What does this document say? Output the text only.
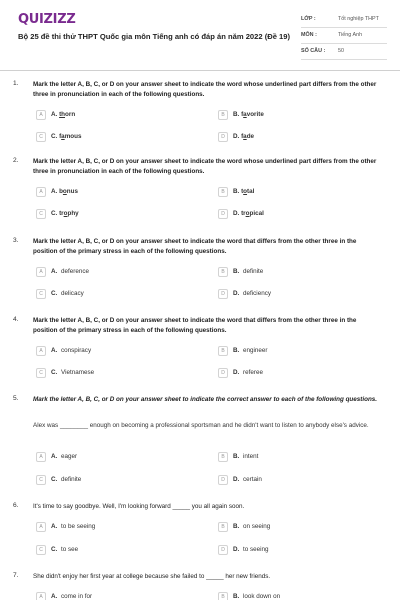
QUIZIZZ
Bộ 25 đề thi thử THPT Quốc gia môn Tiếng anh có đáp án năm 2022 (Đề 19)
LỚP :	Tốt nghiệp THPT
MÔN :	Tiếng Anh
SỐ CÂU : 50
1. Mark the letter A, B, C, or D on your answer sheet to indicate the word whose underlined part differs from the other three in pronunciation in each of the following questions.
A	A. thorn	B	B. favorite
C	C. famous	D	D. fade
2. Mark the letter A, B, C, or D on your answer sheet to indicate the word whose underlined part differs from the other three in pronunciation in each of the following questions.
A	A. bonus	B	B. total
C	C. trophy	D	D. tropical
3. Mark the letter A, B, C, or D on your answer sheet to indicate the word that differs from the other three in the position of the primary stress in each of the following questions.
A	A. deference	B	B. definite
C	C. delicacy	D	D. deficiency
4. Mark the letter A, B, C, or D on your answer sheet to indicate the word that differs from the other three in the position of the primary stress in each of the following questions.
A	A. conspiracy	B	B. engineer
C	C. Vietnamese	D	D. referee
5. Mark the letter A, B, C, or D on your answer sheet to indicate the correct answer to each of the following questions.
Alex was ________ enough on becoming a professional sportsman and he didn't want to listen to anybody else's advice.
A	A. eager	B	B. intent
C	C. definite	D	D. certain
6. It's time to say goodbye. Well, I'm looking forward _____ you all again soon.
A	A. to be seeing	B	B. on seeing
C	C. to see	D	D. to seeing
7. She didn't enjoy her first year at college because she failed to _____ her new friends.
A	A. come in for	B	B. look down on
